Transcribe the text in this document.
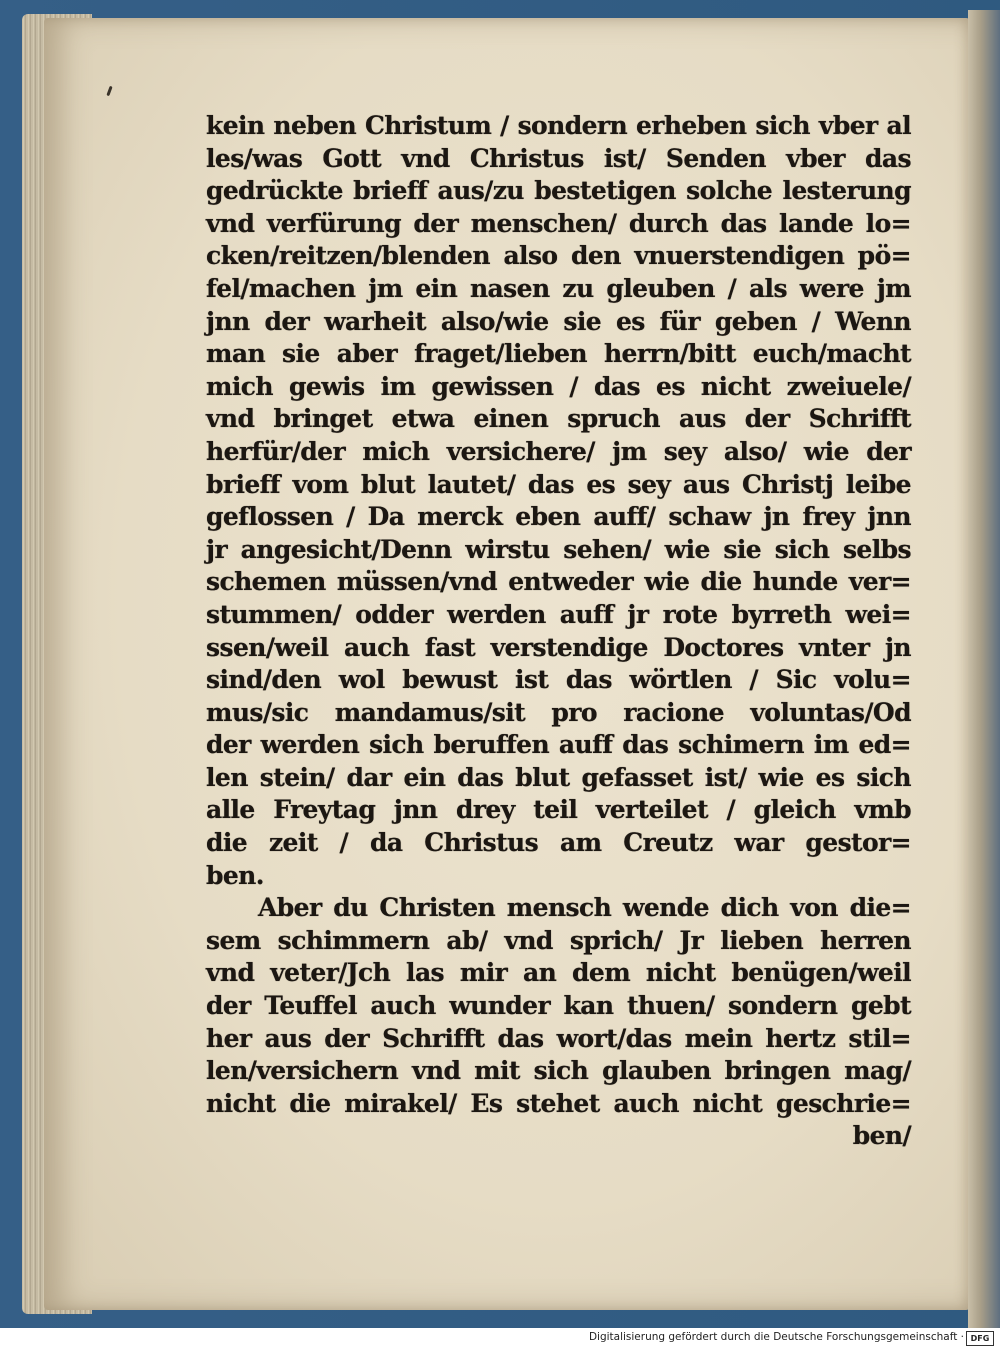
kein neben Christum / sondern erheben sich vber al
les/was Gott vnd Christus ist/ Senden vber das
gedrückte brieff aus/zu bestetigen solche lesterung
vnd verfürung der menschen/ durch das lande lo=
cken/reitzen/blenden also den vnuerstendigen pö=
fel/machen jm ein nasen zu gleuben / als were jm
jnn der warheit also/wie sie es für geben / Wenn
man sie aber fraget/lieben herrn/bitt euch/macht
mich gewis im gewissen / das es nicht zweiuele/
vnd bringet etwa einen spruch aus der Schrifft
herfür/der mich versichere/ jm sey also/ wie der
brieff vom blut lautet/ das es sey aus Christj leibe
geflossen / Da merck eben auff/ schaw jn frey jnn
jr angesicht/Denn wirstu sehen/ wie sie sich selbs
schemen müssen/vnd entweder wie die hunde ver=
stummen/ odder werden auff jr rote byrreth wei=
ssen/weil auch fast verstendige Doctores vnter jn
sind/den wol bewust ist das wörtlen / Sic volu=
mus/sic mandamus/sit pro racione voluntas/Od
der werden sich beruffen auff das schimern im ed=
len stein/ dar ein das blut gefasset ist/ wie es sich
alle Freytag jnn drey teil verteilet / gleich vmb
die zeit / da Christus am Creutz war gestor=
ben.
Aber du Christen mensch wende dich von die=
sem schimmern ab/ vnd sprich/ Jr lieben herren
vnd veter/Jch las mir an dem nicht benügen/weil
der Teuffel auch wunder kan thuen/ sondern gebt
her aus der Schrifft das wort/das mein hertz stil=
len/versichern vnd mit sich glauben bringen mag/
nicht die mirakel/ Es stehet auch nicht geschrie=
ben/
Digitalisierung gefördert durch die Deutsche Forschungsgemeinschaft · DFG
